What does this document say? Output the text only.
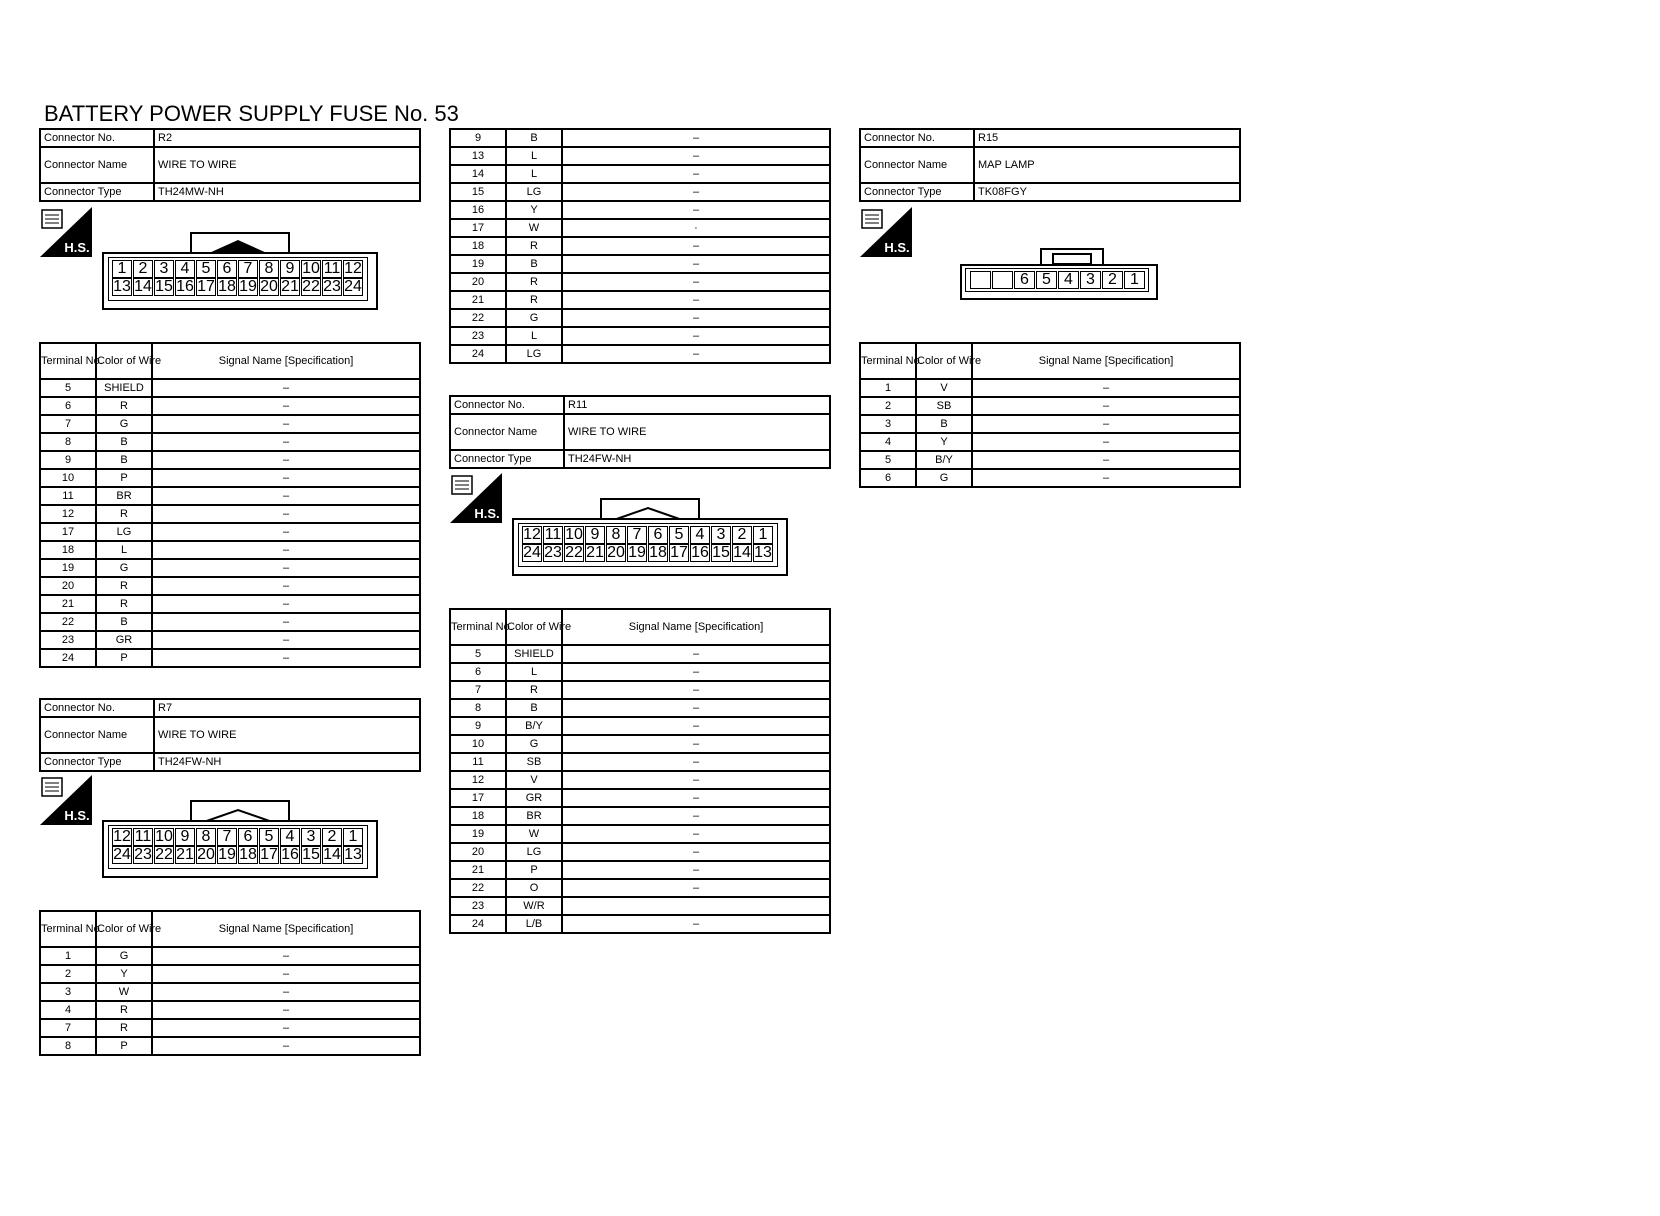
BATTERY POWER SUPPLY FUSE No. 53
Connector No.	R2
Connector Name	WIRE TO WIRE
Connector Type	TH24MW-NH
H.S.
1 2 3 4 5 6 7 8 9 10 11 12
13 14 15 16 17 18 19 20 21 22 23 24
Terminal No.	Color of Wire	Signal Name [Specification]
5	SHIELD	–
6	R	–
7	G	–
8	B	–
9	B	–
10	P	–
11	BR	–
12	R	–
17	LG	–
18	L	–
19	G	–
20	R	–
21	R	–
22	B	–
23	GR	–
24	P	–
Connector No.	R7
Connector Name	WIRE TO WIRE
Connector Type	TH24FW-NH
H.S.
12 11 10 9 8 7 6 5 4 3 2 1
24 23 22 21 20 19 18 17 16 15 14 13
Terminal No.	Color of Wire	Signal Name [Specification]
1	G	–
2	Y	–
3	W	–
4	R	–
7	R	–
8	P	–
9	B	–
13	L	–
14	L	–
15	LG	–
16	Y	–
17	W	·
18	R	–
19	B	–
20	R	–
21	R	–
22	G	–
23	L	–
24	LG	–
Connector No.	R11
Connector Name	WIRE TO WIRE
Connector Type	TH24FW-NH
H.S.
12 11 10 9 8 7 6 5 4 3 2 1
24 23 22 21 20 19 18 17 16 15 14 13
Terminal No.	Color of Wire	Signal Name [Specification]
5	SHIELD	–
6	L	–
7	R	–
8	B	–
9	B/Y	–
10	G	–
11	SB	–
12	V	–
17	GR	–
18	BR	–
19	W	–
20	LG	–
21	P	–
22	O	–
23	W/R	
24	L/B	–
Connector No.	R15
Connector Name	MAP LAMP
Connector Type	TK08FGY
H.S.
6 5 4 3 2 1
Terminal No.	Color of Wire	Signal Name [Specification]
1	V	–
2	SB	–
3	B	–
4	Y	–
5	B/Y	–
6	G	–
